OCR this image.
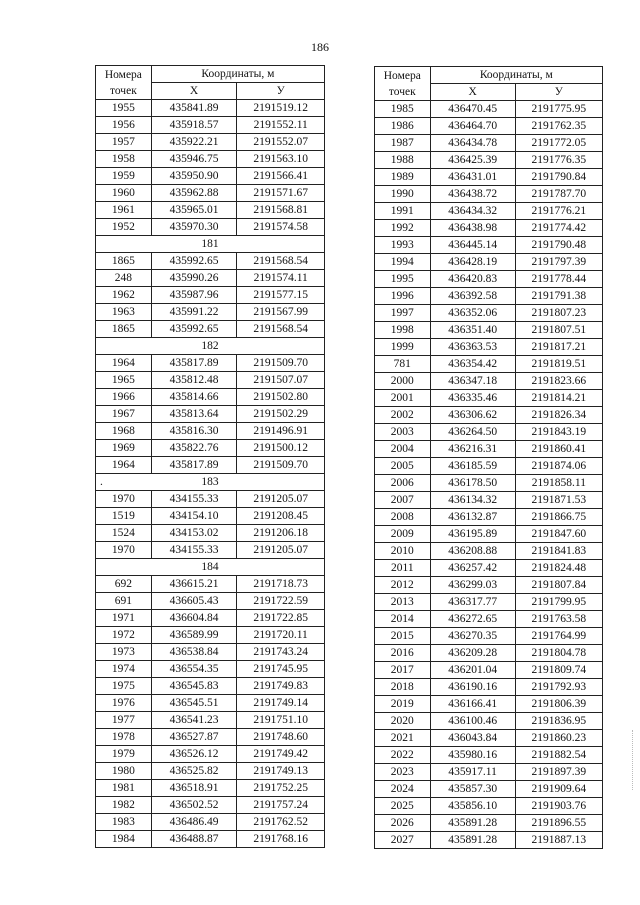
186
Номера
точек	Координаты, м	
	X	У
1955	435841.89	2191519.12
1956	435918.57	2191552.11
1957	435922.21	2191552.07
1958	435946.75	2191563.10
1959	435950.90	2191566.41
1960	435962.88	2191571.67
1961	435965.01	2191568.81
1952	435970.30	2191574.58
181		
1865	435992.65	2191568.54
248	435990.26	2191574.11
1962	435987.96	2191577.15
1963	435991.22	2191567.99
1865	435992.65	2191568.54
182		
1964	435817.89	2191509.70
1965	435812.48	2191507.07
1966	435814.66	2191502.80
1967	435813.64	2191502.29
1968	435816.30	2191496.91
1969	435822.76	2191500.12
1964	435817.89	2191509.70

. 183		
1970	434155.33	2191205.07
1519	434154.10	2191208.45
1524	434153.02	2191206.18
1970	434155.33	2191205.07
184		
692	436615.21	2191718.73
691	436605.43	2191722.59
1971	436604.84	2191722.85
1972	436589.99	2191720.11
1973	436538.84	2191743.24
1974	436554.35	2191745.95
1975	436545.83	2191749.83
1976	436545.51	2191749.14
1977	436541.23	2191751.10
1978	436527.87	2191748.60
1979	436526.12	2191749.42
1980	436525.82	2191749.13
1981	436518.91	2191752.25
1982	436502.52	2191757.24
1983	436486.49	2191762.52
1984	436488.87	2191768.16
Номера
точек	Координаты, м	
	X	У
1985	436470.45	2191775.95
1986	436464.70	2191762.35
1987	436434.78	2191772.05
1988	436425.39	2191776.35
1989	436431.01	2191790.84
1990	436438.72	2191787.70
1991	436434.32	2191776.21
1992	436438.98	2191774.42
1993	436445.14	2191790.48
1994	436428.19	2191797.39
1995	436420.83	2191778.44
1996	436392.58	2191791.38
1997	436352.06	2191807.23
1998	436351.40	2191807.51
1999	436363.53	2191817.21
781	436354.42	2191819.51
2000	436347.18	2191823.66
2001	436335.46	2191814.21
2002	436306.62	2191826.34
2003	436264.50	2191843.19
2004	436216.31	2191860.41
2005	436185.59	2191874.06
2006	436178.50	2191858.11
2007	436134.32	2191871.53
2008	436132.87	2191866.75
2009	436195.89	2191847.60
2010	436208.88	2191841.83
2011	436257.42	2191824.48
2012	436299.03	2191807.84
2013	436317.77	2191799.95
2014	436272.65	2191763.58
2015	436270.35	2191764.99
2016	436209.28	2191804.78
2017	436201.04	2191809.74
2018	436190.16	2191792.93
2019	436166.41	2191806.39
2020	436100.46	2191836.95
2021	436043.84	2191860.23
2022	435980.16	2191882.54
2023	435917.11	2191897.39
2024	435857.30	2191909.64
2025	435856.10	2191903.76
2026	435891.28	2191896.55
2027	435891.28	2191887.13
